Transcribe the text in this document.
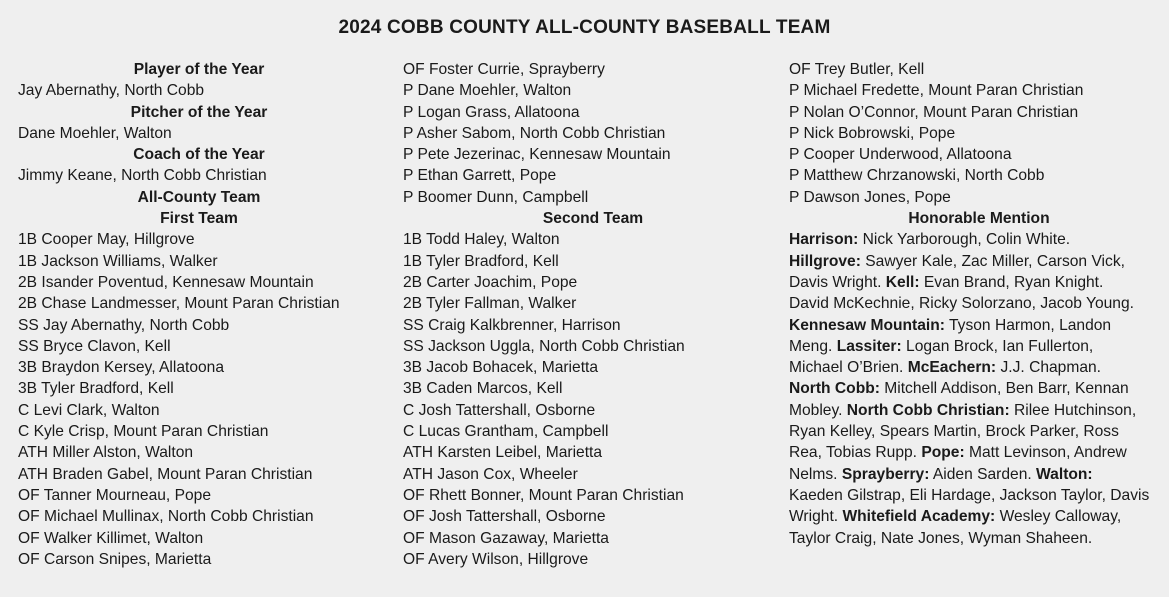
2024 COBB COUNTY ALL-COUNTY BASEBALL TEAM
Player of the Year
Jay Abernathy, North Cobb
Pitcher of the Year
Dane Moehler, Walton
Coach of the Year
Jimmy Keane, North Cobb Christian
All-County Team
First Team
1B Cooper May, Hillgrove
1B Jackson Williams, Walker
2B Isander Poventud, Kennesaw Mountain
2B Chase Landmesser, Mount Paran Christian
SS Jay Abernathy, North Cobb
SS Bryce Clavon, Kell
3B Braydon Kersey, Allatoona
3B Tyler Bradford, Kell
C Levi Clark, Walton
C Kyle Crisp, Mount Paran Christian
ATH Miller Alston, Walton
ATH Braden Gabel, Mount Paran Christian
OF Tanner Mourneau, Pope
OF Michael Mullinax, North Cobb Christian
OF Walker Killimet, Walton
OF Carson Snipes, Marietta
OF Foster Currie, Sprayberry
P Dane Moehler, Walton
P Logan Grass, Allatoona
P Asher Sabom, North Cobb Christian
P Pete Jezerinac, Kennesaw Mountain
P Ethan Garrett, Pope
P Boomer Dunn, Campbell
Second Team
1B Todd Haley, Walton
1B Tyler Bradford, Kell
2B Carter Joachim, Pope
2B Tyler Fallman, Walker
SS Craig Kalkbrenner, Harrison
SS Jackson Uggla, North Cobb Christian
3B Jacob Bohacek, Marietta
3B Caden Marcos, Kell
C Josh Tattershall, Osborne
C Lucas Grantham, Campbell
ATH Karsten Leibel, Marietta
ATH Jason Cox, Wheeler
OF Rhett Bonner, Mount Paran Christian
OF Josh Tattershall, Osborne
OF Mason Gazaway, Marietta
OF Avery Wilson, Hillgrove
OF Trey Butler, Kell
P Michael Fredette, Mount Paran Christian
P Nolan O’Connor, Mount Paran Christian
P Nick Bobrowski, Pope
P Cooper Underwood, Allatoona
P Matthew Chrzanowski, North Cobb
P Dawson Jones, Pope
Honorable Mention
Harrison: Nick Yarborough, Colin White.
Hillgrove: Sawyer Kale, Zac Miller, Carson Vick,
Davis Wright. Kell: Evan Brand, Ryan Knight.
David McKechnie, Ricky Solorzano, Jacob Young.
Kennesaw Mountain: Tyson Harmon, Landon
Meng. Lassiter: Logan Brock, Ian Fullerton,
Michael O’Brien. McEachern: J.J. Chapman.
North Cobb: Mitchell Addison, Ben Barr, Kennan
Mobley. North Cobb Christian: Rilee Hutchinson,
Ryan Kelley, Spears Martin, Brock Parker, Ross
Rea, Tobias Rupp. Pope: Matt Levinson, Andrew
Nelms. Sprayberry: Aiden Sarden. Walton:
Kaeden Gilstrap, Eli Hardage, Jackson Taylor, Davis
Wright. Whitefield Academy: Wesley Calloway,
Taylor Craig, Nate Jones, Wyman Shaheen.
